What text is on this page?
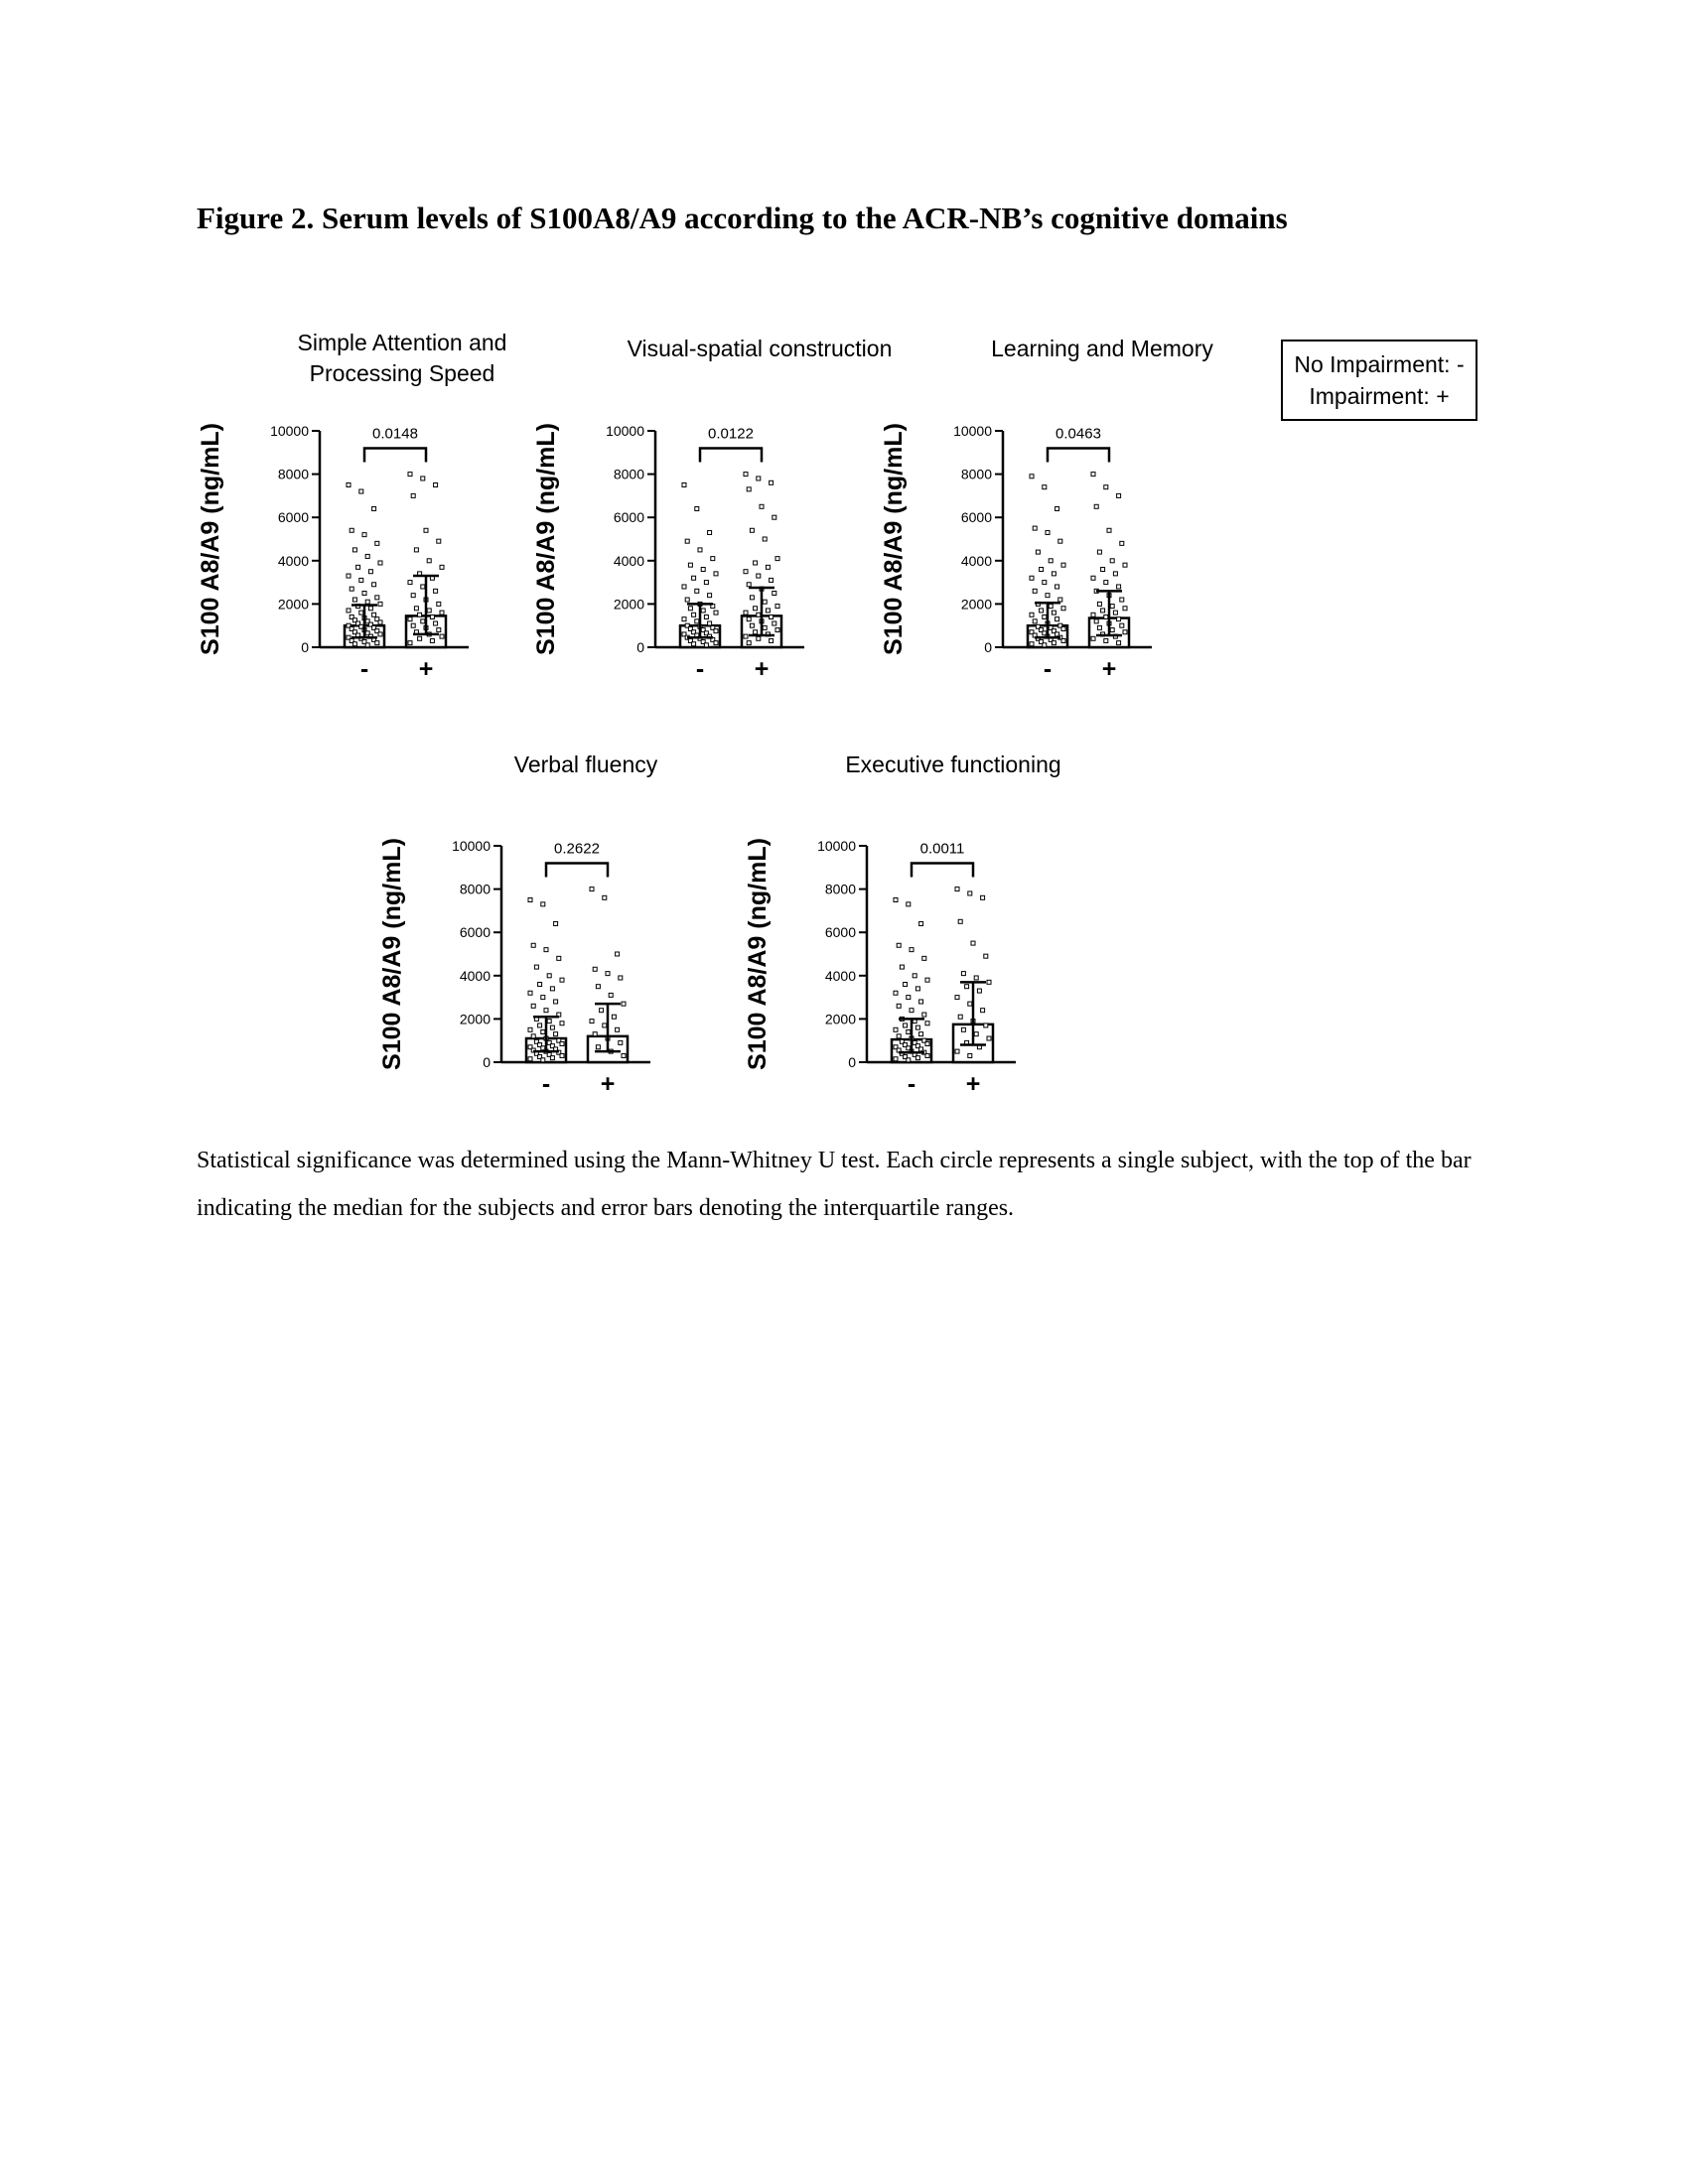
Figure 2. Serum levels of S100A8/A9 according to the ACR-NB’s cognitive domains
Simple Attention and
Processing Speed
Visual-spatial construction	Learning and Memory
Verbal fluency	Executive functioning
No Impairment: -
Impairment: +
S100 A8/A9 (ng/mL)	0
2000
4000
6000
8000
10000
- +
0.0148	S100 A8/A9 (ng/mL)	0
2000
4000
6000
8000
10000
- +
0.0122	S100 A8/A9 (ng/mL)	0
2000
4000
6000
8000
10000
- +
0.0463
S100 A8/A9 (ng/mL)	0
2000
4000
6000
8000
10000
- +
0.2622	S100 A8/A9 (ng/mL)	0
2000
4000
6000
8000
10000
- +
0.0011

Statistical significance was determined using the Mann-Whitney U test. Each circle represents a single subject, with the top of the bar indicating the median for the subjects and error bars denoting the interquartile ranges.
